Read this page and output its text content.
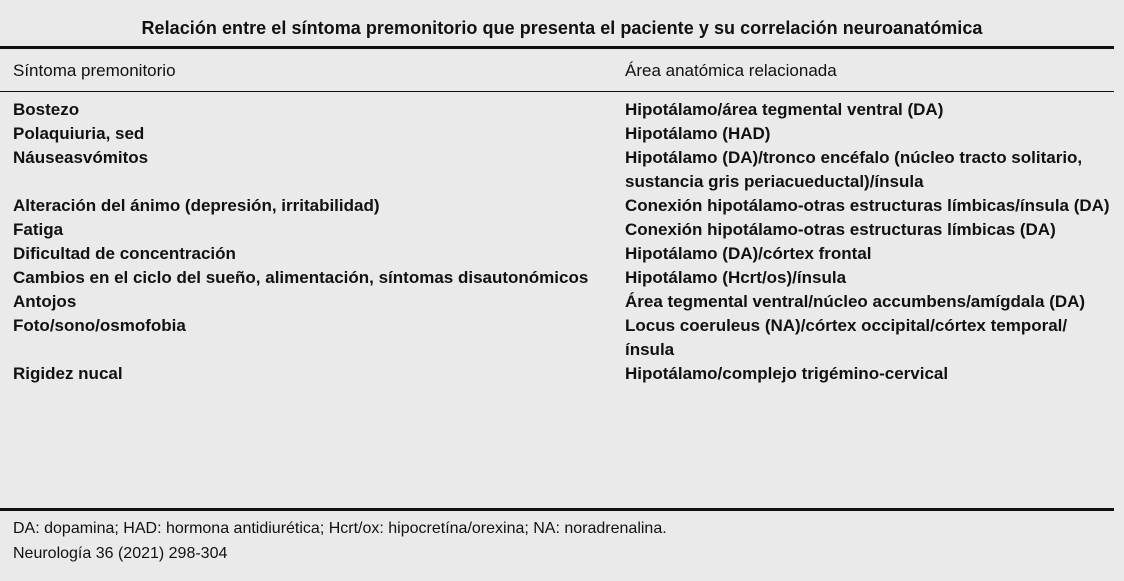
Relación entre el síntoma premonitorio que presenta el paciente y su correlación neuroanatómica
Síntoma premonitorio	Área anatómica relacionada
Bostezo	Hipotálamo/área tegmental ventral (DA)
Polaquiuria, sed	Hipotálamo (HAD)
Náuseasvómitos	Hipotálamo (DA)/tronco encéfalo (núcleo tracto solitario, sustancia gris periacueductal)/ínsula
Alteración del ánimo (depresión, irritabilidad)	Conexión hipotálamo-otras estructuras límbicas/ínsula (DA)
Fatiga	Conexión hipotálamo-otras estructuras límbicas (DA)
Dificultad de concentración	Hipotálamo (DA)/córtex frontal
Cambios en el ciclo del sueño, alimentación, síntomas disautonómicos	Hipotálamo (Hcrt/os)/ínsula
Antojos	Área tegmental ventral/núcleo accumbens/amígdala (DA)
Foto/sono/osmofobia	Locus coeruleus (NA)/córtex occipital/córtex temporal/ínsula
Rigidez nucal	Hipotálamo/complejo trigémino-cervical
DA: dopamina; HAD: hormona antidiurética; Hcrt/ox: hipocretína/orexina; NA: noradrenalina.
Neurología 36 (2021) 298-304
